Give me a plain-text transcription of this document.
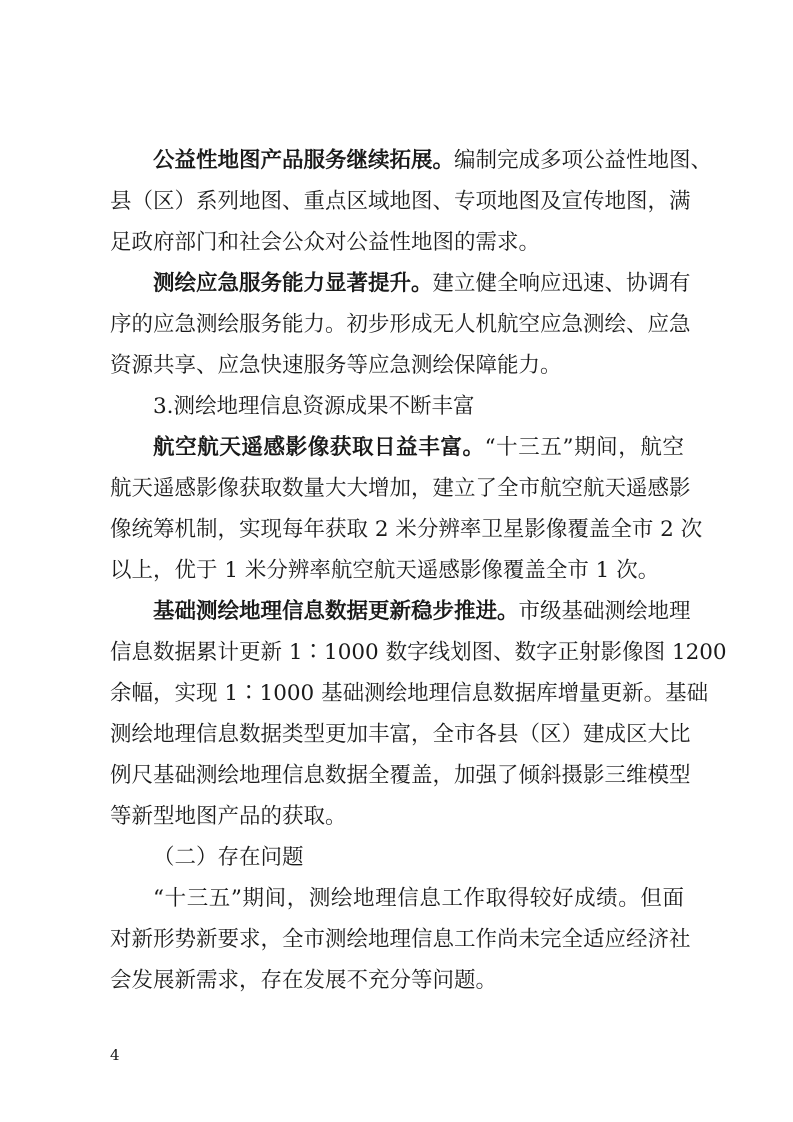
公益性地图产品服务继续拓展。编制完成多项公益性地图、
县（区）系列地图、重点区域地图、专项地图及宣传地图，满
足政府部门和社会公众对公益性地图的需求。
测绘应急服务能力显著提升。建立健全响应迅速、协调有
序的应急测绘服务能力。初步形成无人机航空应急测绘、应急
资源共享、应急快速服务等应急测绘保障能力。
3.测绘地理信息资源成果不断丰富
航空航天遥感影像获取日益丰富。“十三五”期间，航空
航天遥感影像获取数量大大增加，建立了全市航空航天遥感影
像统筹机制，实现每年获取 2 米分辨率卫星影像覆盖全市 2 次
以上，优于 1 米分辨率航空航天遥感影像覆盖全市 1 次。
基础测绘地理信息数据更新稳步推进。市级基础测绘地理
信息数据累计更新 1∶1000 数字线划图、数字正射影像图 1200
余幅，实现 1∶1000 基础测绘地理信息数据库增量更新。基础
测绘地理信息数据类型更加丰富，全市各县（区）建成区大比
例尺基础测绘地理信息数据全覆盖，加强了倾斜摄影三维模型
等新型地图产品的获取。
（二）存在问题
“十三五”期间，测绘地理信息工作取得较好成绩。但面
对新形势新要求，全市测绘地理信息工作尚未完全适应经济社
会发展新需求，存在发展不充分等问题。
4
